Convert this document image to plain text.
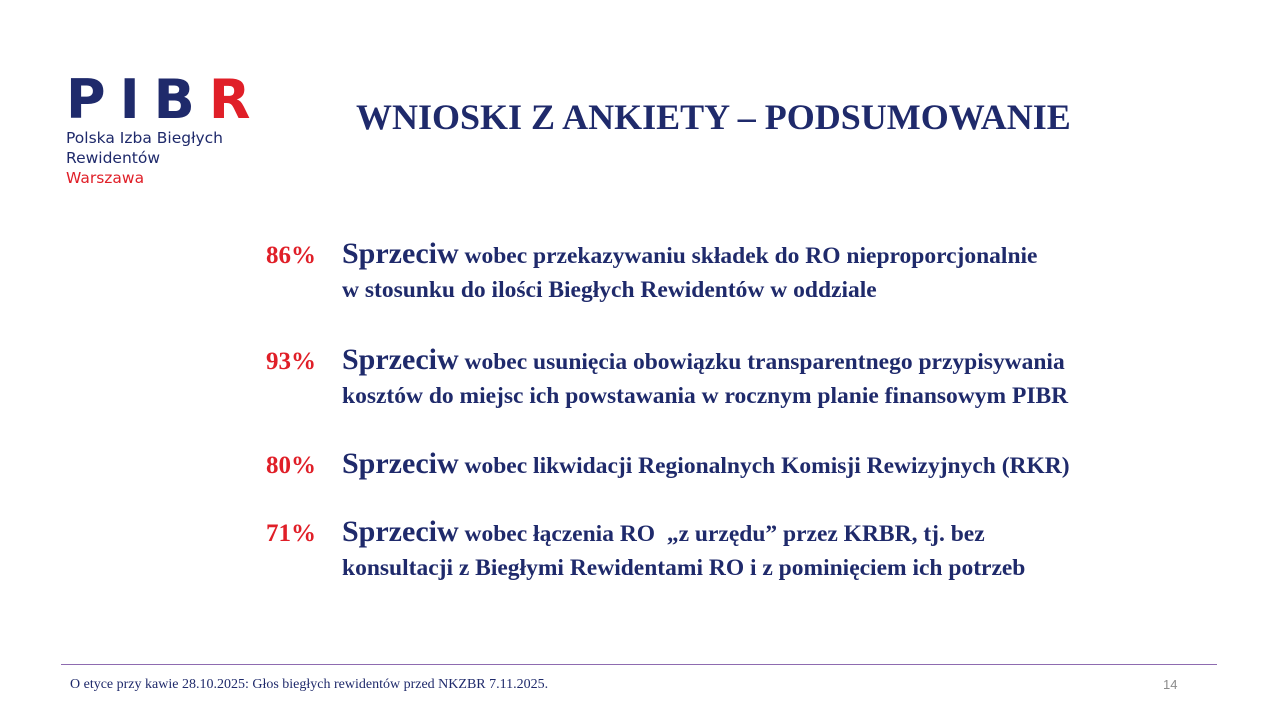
PIBR
Polska Izba Biegłych
Rewidentów
Warszawa
WNIOSKI Z ANKIETY – PODSUMOWANIE
86% Sprzeciw wobec przekazywaniu składek do RO nieproporcjonalnie
w stosunku do ilości Biegłych Rewidentów w oddziale
93% Sprzeciw wobec usunięcia obowiązku transparentnego przypisywania
kosztów do miejsc ich powstawania w rocznym planie finansowym PIBR
80% Sprzeciw wobec likwidacji Regionalnych Komisji Rewizyjnych (RKR)
71% Sprzeciw wobec łączenia RO  „z urzędu” przez KRBR, tj. bez
konsultacji z Biegłymi Rewidentami RO i z pominięciem ich potrzeb
O etyce przy kawie 28.10.2025: Głos biegłych rewidentów przed NKZBR 7.11.2025.	14
